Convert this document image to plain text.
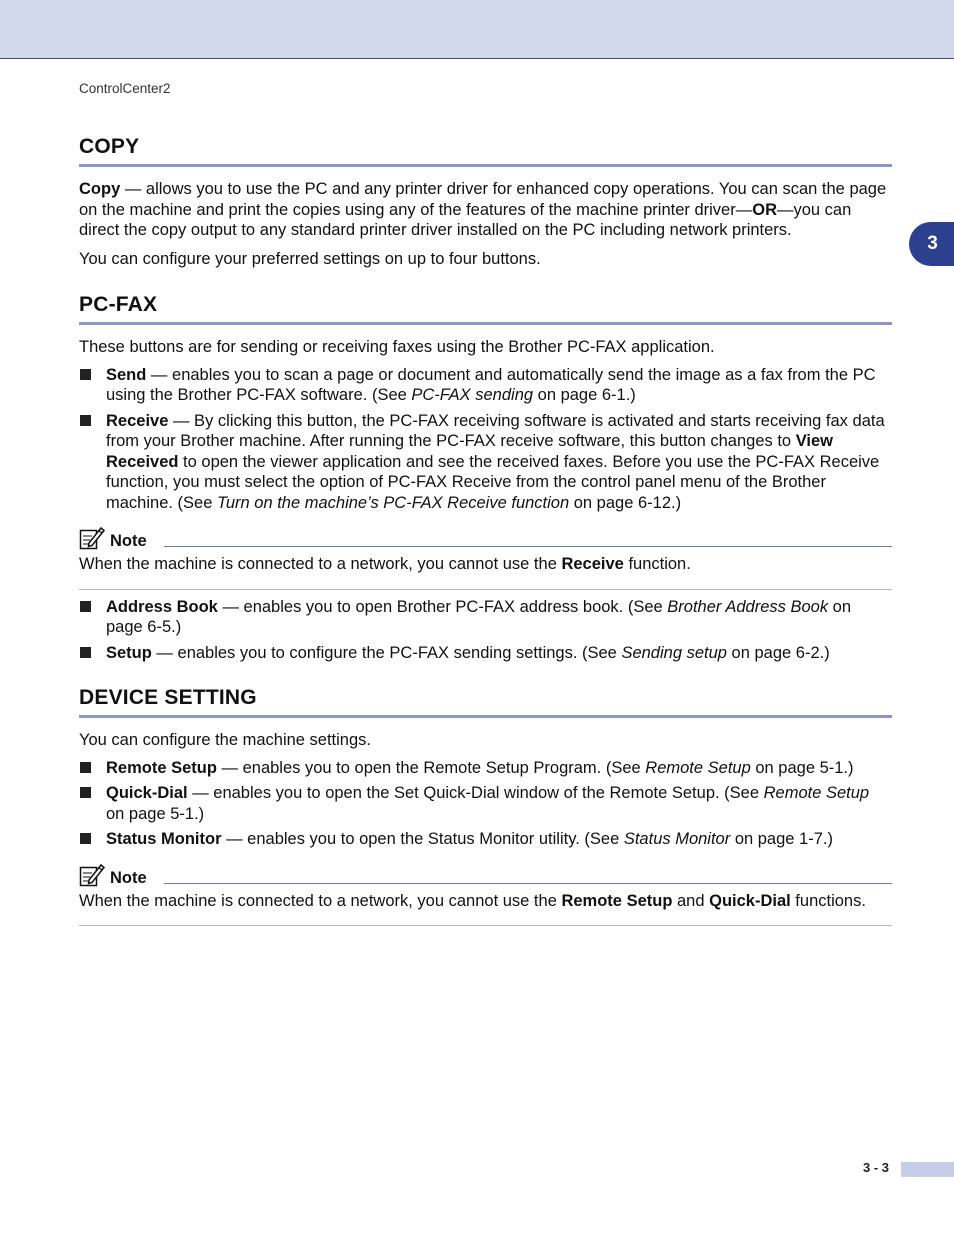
ControlCenter2
3
COPY

Copy — allows you to use the PC and any printer driver for enhanced copy operations. You can scan the page on the machine and print the copies using any of the features of the machine printer driver—OR—you can direct the copy output to any standard printer driver installed on the PC including network printers.

You can configure your preferred settings on up to four buttons.

PC-FAX

These buttons are for sending or receiving faxes using the Brother PC-FAX application.

Send — enables you to scan a page or document and automatically send the image as a fax from the PC using the Brother PC-FAX software. (See PC-FAX sending on page 6-1.)
Receive — By clicking this button, the PC-FAX receiving software is activated and starts receiving fax data from your Brother machine. After running the PC-FAX receive software, this button changes to View Received to open the viewer application and see the received faxes. Before you use the PC-FAX Receive function, you must select the option of PC-FAX Receive from the control panel menu of the Brother machine. (See Turn on the machine’s PC-FAX Receive function on page 6-12.)
Note

When the machine is connected to a network, you cannot use the Receive function.

Address Book — enables you to open Brother PC-FAX address book. (See Brother Address Book on page 6-5.)
Setup — enables you to configure the PC-FAX sending settings. (See Sending setup on page 6-2.)
DEVICE SETTING

You can configure the machine settings.

Remote Setup — enables you to open the Remote Setup Program. (See Remote Setup on page 5-1.)
Quick-Dial — enables you to open the Set Quick-Dial window of the Remote Setup. (See Remote Setup on page 5-1.)
Status Monitor — enables you to open the Status Monitor utility. (See Status Monitor on page 1-7.)
Note

When the machine is connected to a network, you cannot use the Remote Setup and Quick-Dial functions.

3 - 3
